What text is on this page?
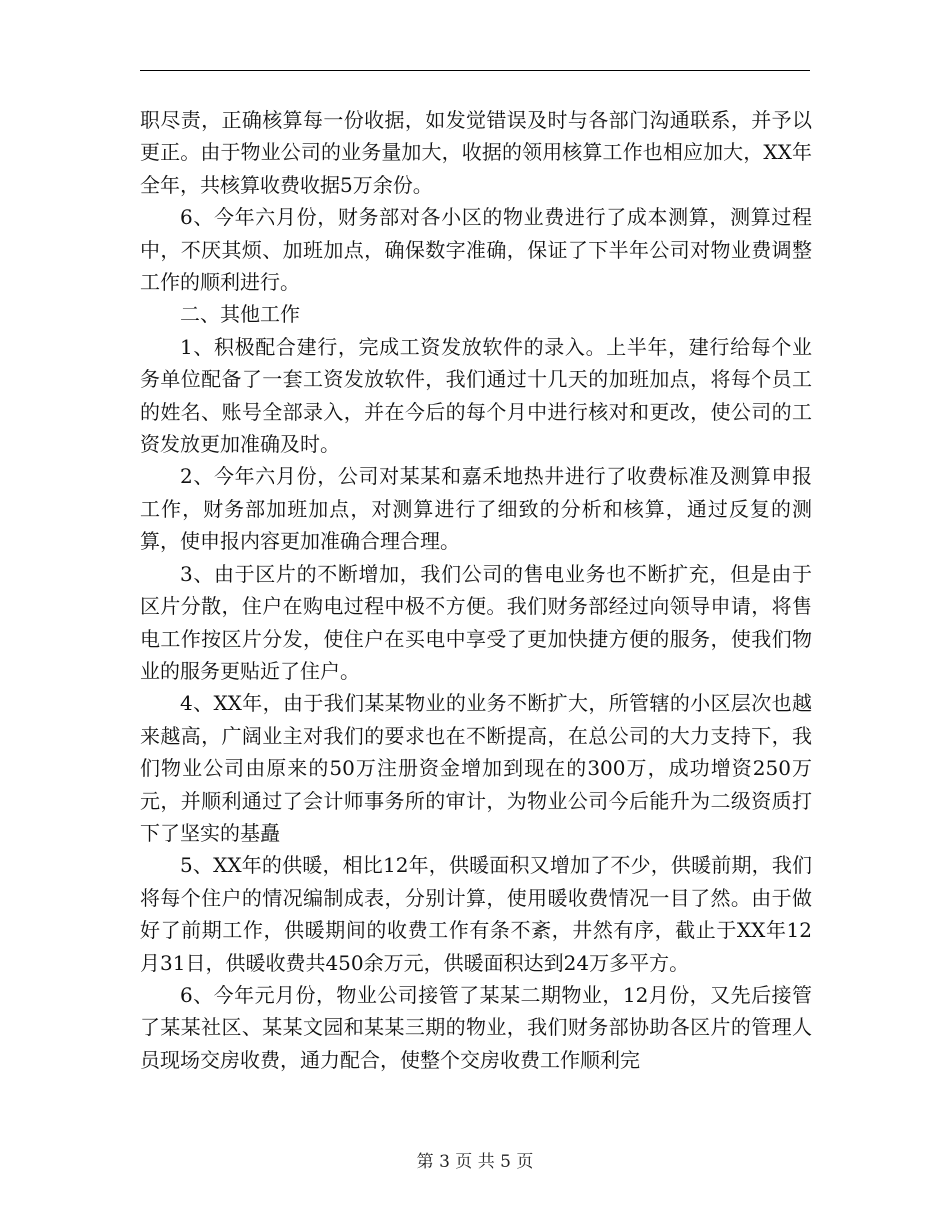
职尽责，正确核算每一份收据，如发觉错误及时与各部门沟通联系，并予以更正。由于物业公司的业务量加大，收据的领用核算工作也相应加大，XX年全年，共核算收费收据5万余份。

6、今年六月份，财务部对各小区的物业费进行了成本测算，测算过程中，不厌其烦、加班加点，确保数字准确，保证了下半年公司对物业费调整工作的顺利进行。

二、其他工作

1、积极配合建行，完成工资发放软件的录入。上半年，建行给每个业务单位配备了一套工资发放软件，我们通过十几天的加班加点，将每个员工的姓名、账号全部录入，并在今后的每个月中进行核对和更改，使公司的工资发放更加准确及时。

2、今年六月份，公司对某某和嘉禾地热井进行了收费标准及测算申报工作，财务部加班加点，对测算进行了细致的分析和核算，通过反复的测算，使申报内容更加准确合理合理。

3、由于区片的不断增加，我们公司的售电业务也不断扩充，但是由于区片分散，住户在购电过程中极不方便。我们财务部经过向领导申请，将售电工作按区片分发，使住户在买电中享受了更加快捷方便的服务，使我们物业的服务更贴近了住户。

4、XX年，由于我们某某物业的业务不断扩大，所管辖的小区层次也越来越高，广阔业主对我们的要求也在不断提高，在总公司的大力支持下，我们物业公司由原来的50万注册资金增加到现在的300万，成功增资250万元，并顺利通过了会计师事务所的审计，为物业公司今后能升为二级资质打下了坚实的基矗

5、XX年的供暖，相比12年，供暖面积又增加了不少，供暖前期，我们将每个住户的情况编制成表，分别计算，使用暖收费情况一目了然。由于做好了前期工作，供暖期间的收费工作有条不紊，井然有序，截止于XX年12月31日，供暖收费共450余万元，供暖面积达到24万多平方。

6、今年元月份，物业公司接管了某某二期物业，12月份，又先后接管了某某社区、某某文园和某某三期的物业，我们财务部协助各区片的管理人员现场交房收费，通力配合，使整个交房收费工作顺利完

第 3 页 共 5 页
